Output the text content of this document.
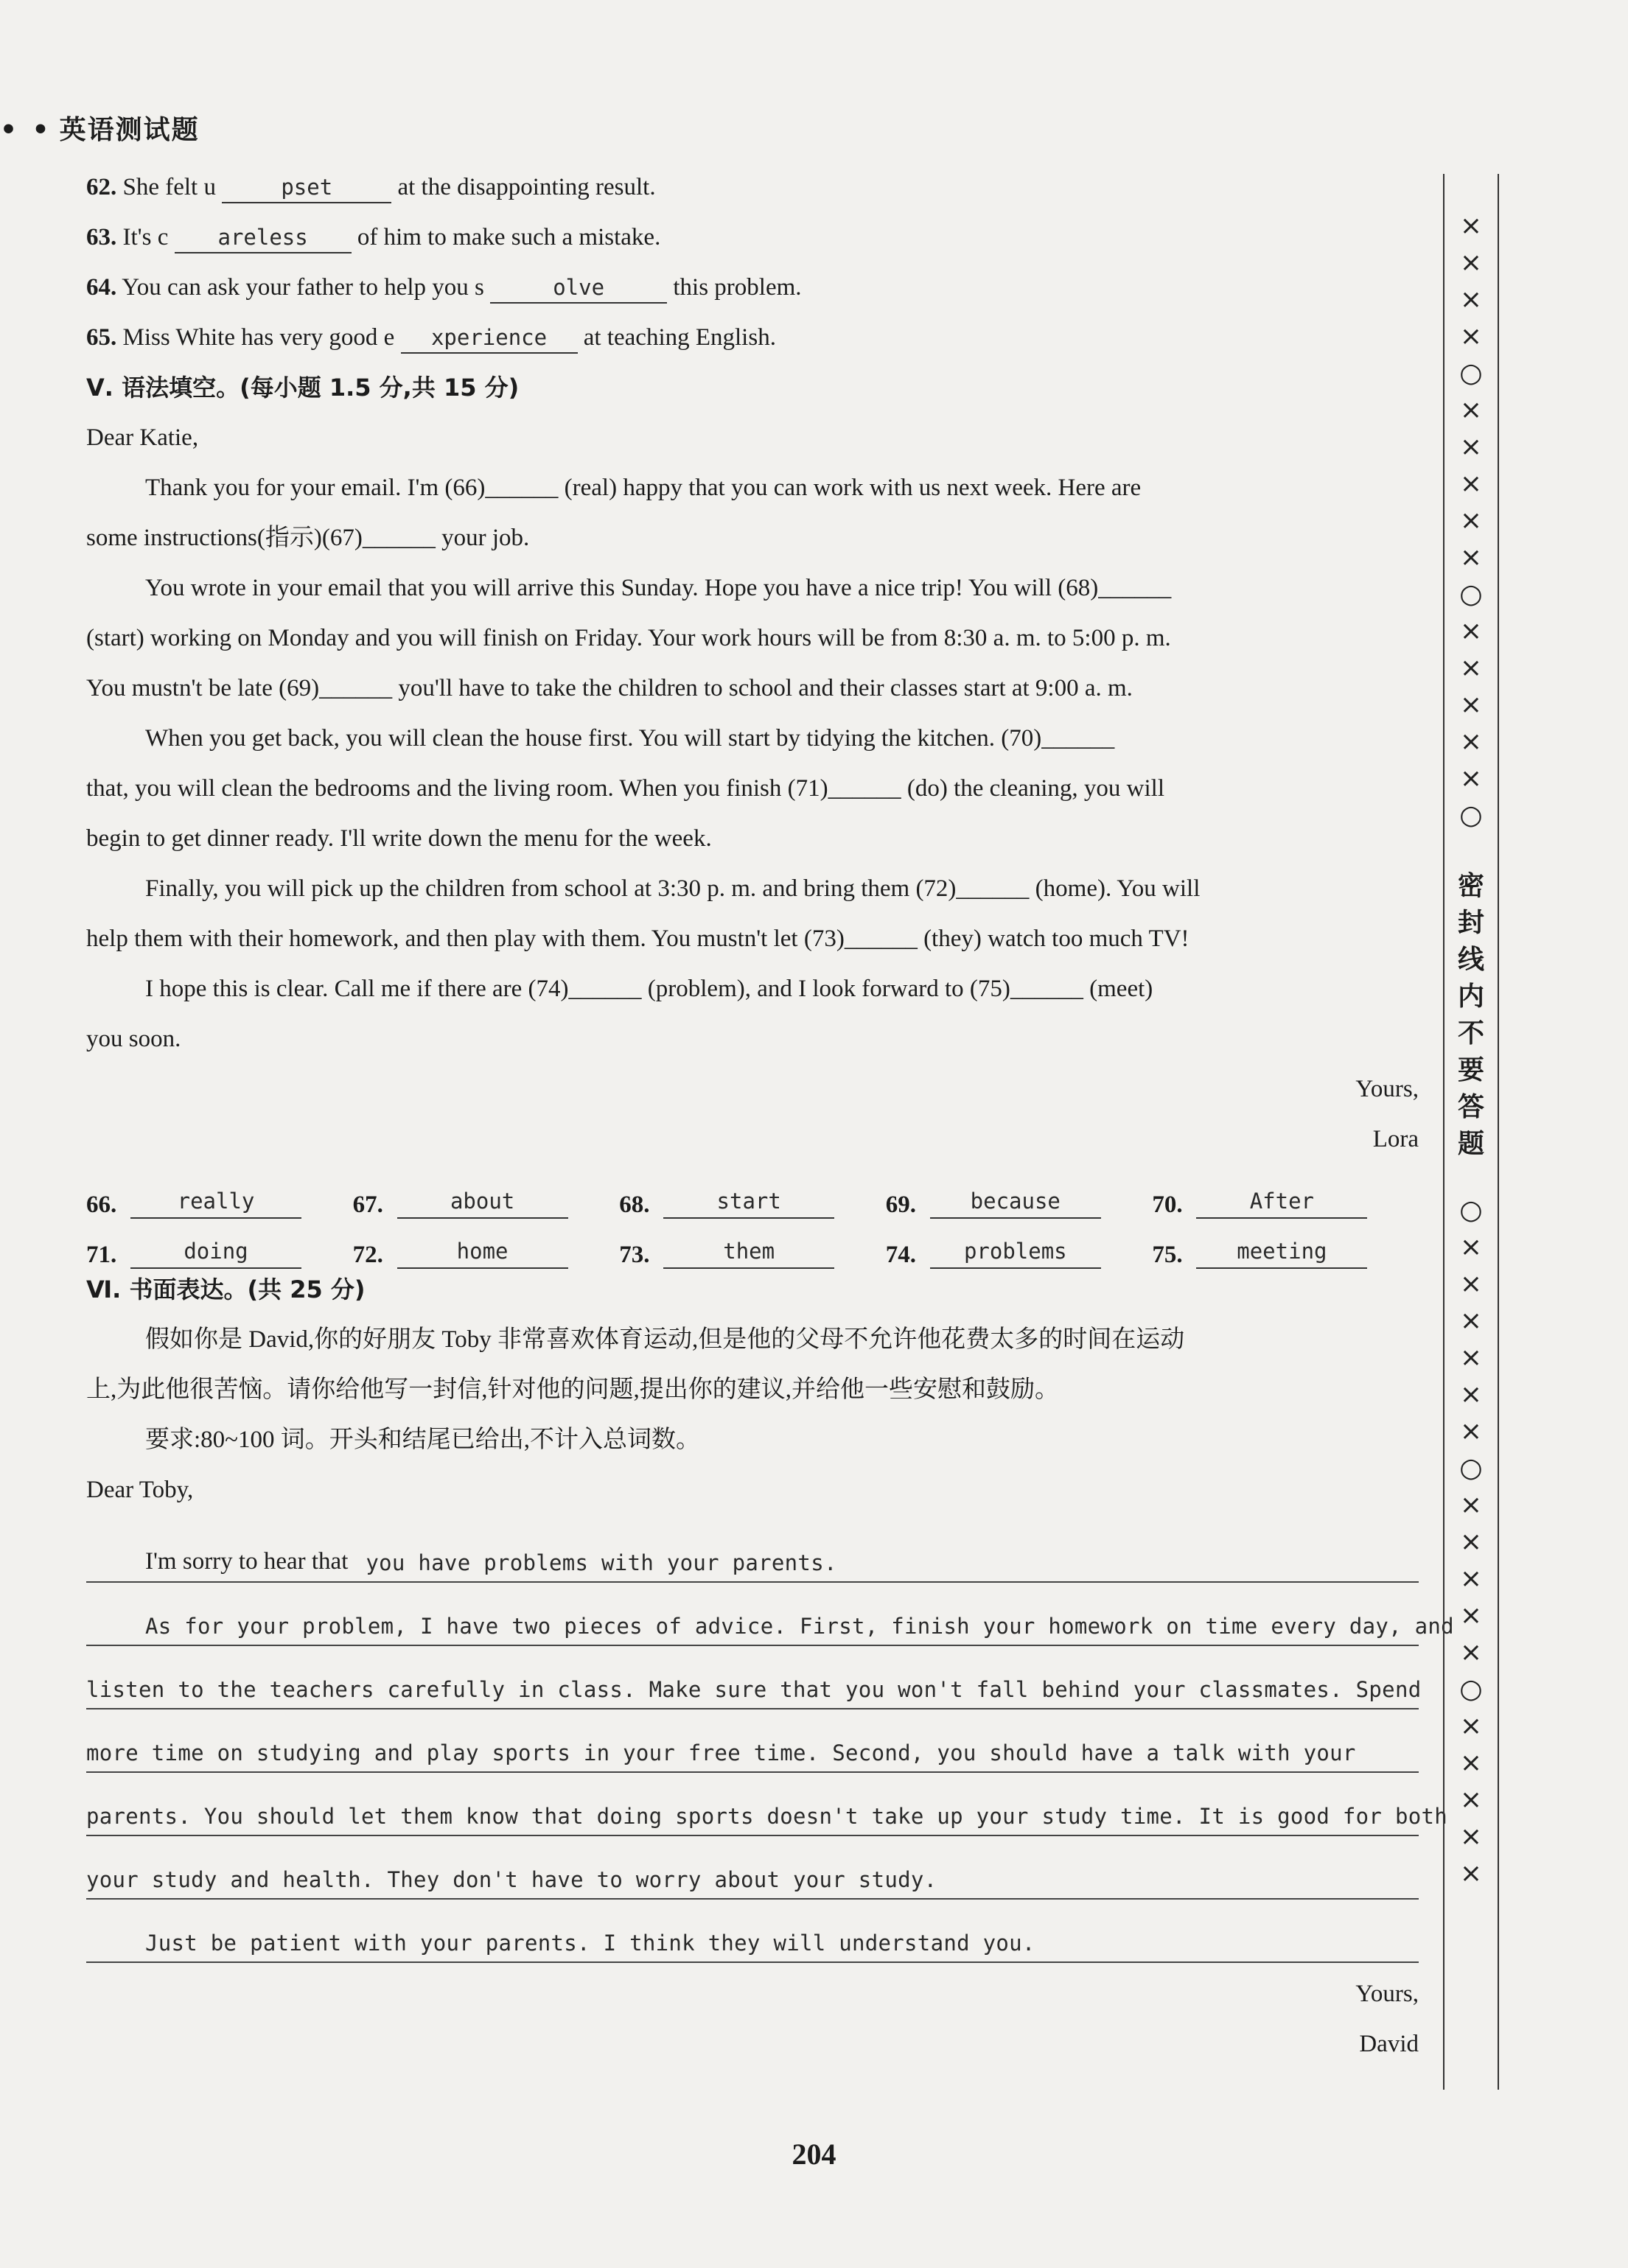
• • 英语测试题
62. She felt u	pset	at the disappointing result.
63. It's c areless of him to make such a mistake.
64. You can ask your father to help you s	olve	this problem.
65. Miss White has very good e xperience at teaching English.
Ⅴ. 语法填空。(每小题 1.5 分,共 15 分)
Dear Katie,
Thank you for your email. I'm (66)______ (real) happy that you can work with us next week. Here are
some instructions(指示)(67)______ your job.
You wrote in your email that you will arrive this Sunday. Hope you have a nice trip! You will (68)______
(start) working on Monday and you will finish on Friday. Your work hours will be from 8:30 a. m. to 5:00 p. m.
You mustn't be late (69)______ you'll have to take the children to school and their classes start at 9:00 a. m.
When you get back, you will clean the house first. You will start by tidying the kitchen. (70)______
that, you will clean the bedrooms and the living room. When you finish (71)______ (do) the cleaning, you will
begin to get dinner ready. I'll write down the menu for the week.
Finally, you will pick up the children from school at 3:30 p. m. and bring them (72)______ (home). You will
help them with their homework, and then play with them. You mustn't let (73)______ (they) watch too much TV!
I hope this is clear. Call me if there are (74)______ (problem), and I look forward to (75)______ (meet)
you soon.
Yours,
Lora
66.	really	67.	about	68.	start	69.	because	70.	After
71.	doing	72.	home	73.	them	74.	problems	75.	meeting
Ⅵ. 书面表达。(共 25 分)
假如你是 David,你的好朋友 Toby 非常喜欢体育运动,但是他的父母不允许他花费太多的时间在运动
上,为此他很苦恼。请你给他写一封信,针对他的问题,提出你的建议,并给他一些安慰和鼓励。
要求:80~100 词。开头和结尾已给出,不计入总词数。
Dear Toby,
I'm sorry to hear that you have problems with your parents.
As for your problem, I have two pieces of advice. First, finish your homework on time every day, and
listen to the teachers carefully in class. Make sure that you won't fall behind your classmates. Spend
more time on studying and play sports in your free time. Second, you should have a talk with your
parents. You should let them know that doing sports doesn't take up your study time. It is good for both
your study and health. They don't have to worry about your study.
Just be patient with your parents. I think they will understand you.
Yours,
David
×
×
×
×
○
×
×
×
×
×
○
×
×
×
×
×
○
密
封
线
内
不
要
答
题
○
×
×
×
×
×
×
○
×
×
×
×
×
○
×
×
×
×
×
204
